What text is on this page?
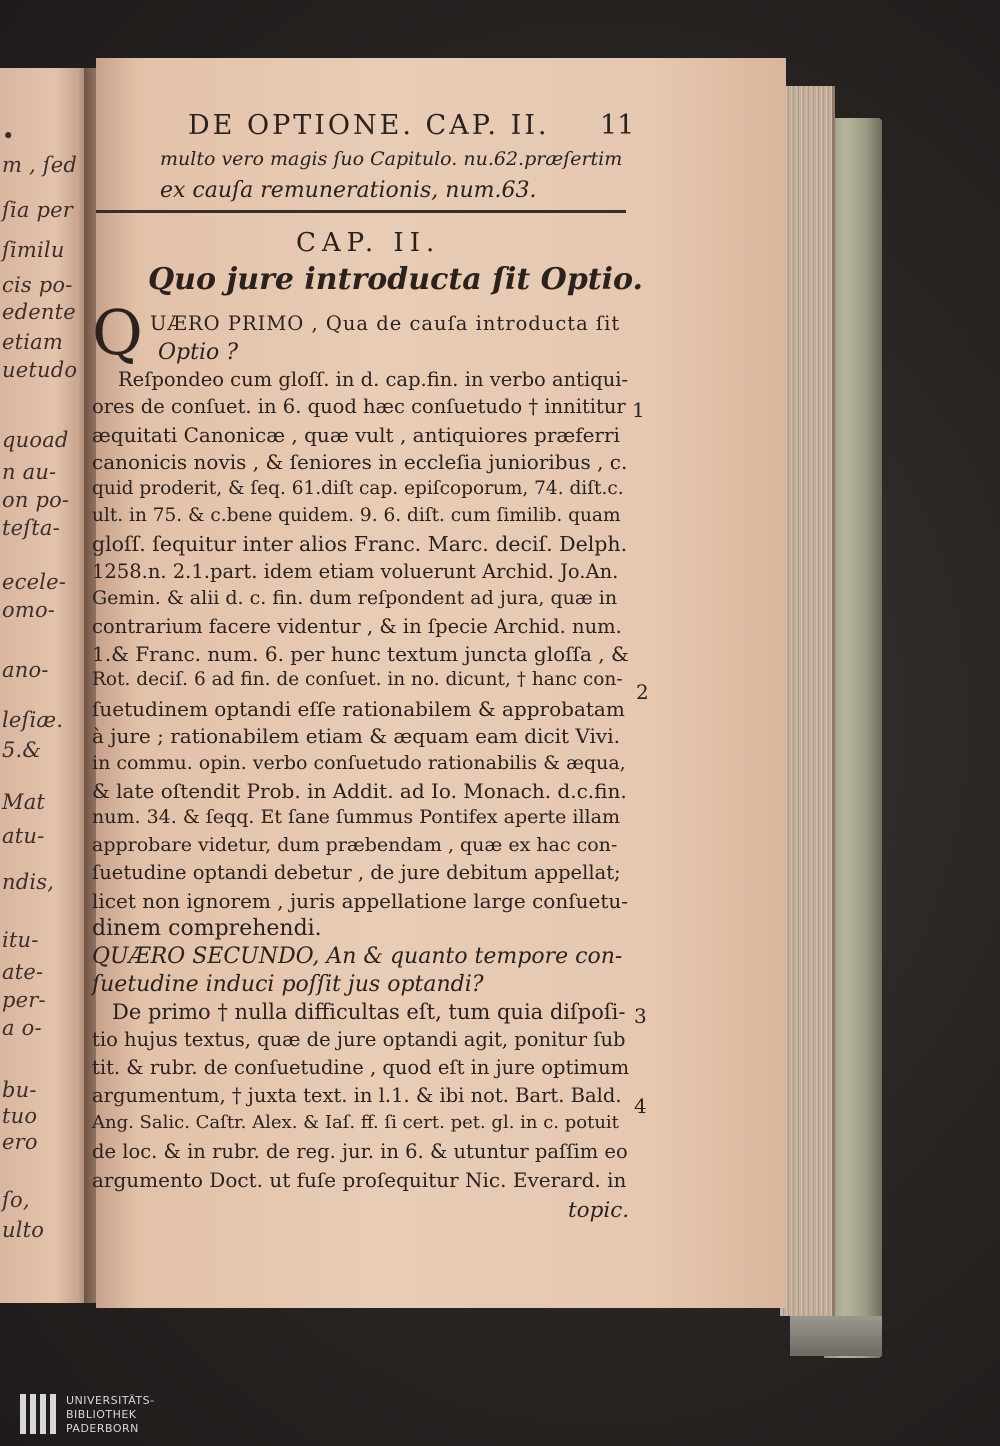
m , ſed
ſia per
ſimilu
cis po-
edente
etiam
uetudo
quoad
n au-
on po-
teſta-
ecele-
omo-
ano-
leſiæ.
5.&
Mat
atu-
ndis,
itu-
ate-
per-
a o-
bu-
tuo
ero
ſo,
ulto
•	DE OPTIONE. CAP. II. 11
multo vero magis ſuo Capitulo. nu.62.præſertim
ex cauſa remunerationis, num.63.
CAP. II.
Quo jure introducta ſit Optio.
Q UÆRO PRIMO , Qua de cauſa introducta ſit
Optio ?
Reſpondeo cum gloſſ. in d. cap.fin. in verbo antiqui-
ores de conſuet. in 6. quod hæc conſuetudo † innititur
æquitati Canonicæ , quæ vult , antiquiores præferri
canonicis novis , & ſeniores in eccleſia junioribus , c.
quid proderit, & ſeq. 61.diſt cap. epiſcoporum, 74. diſt.c.
ult. in 75. & c.bene quidem. 9. 6. diſt. cum ſimilib. quam
gloſſ. ſequitur inter alios Franc. Marc. deciſ. Delph.
1258.n. 2.1.part. idem etiam voluerunt Archid. Jo.An.
Gemin. & alii d. c. fin. dum reſpondent ad jura, quæ in
contrarium facere videntur , & in ſpecie Archid. num.
1.& Franc. num. 6. per hunc textum juncta gloſſa , &
Rot. deciſ. 6 ad fin. de conſuet. in no. dicunt, † hanc con-
ſuetudinem optandi eſſe rationabilem & approbatam
à jure ; rationabilem etiam & æquam eam dicit Vivi.
in commu. opin. verbo conſuetudo rationabilis & æqua,
& late oſtendit Prob. in Addit. ad Io. Monach. d.c.fin.
num. 34. & ſeqq. Et ſane ſummus Pontifex aperte illam
approbare videtur, dum præbendam , quæ ex hac con-
ſuetudine optandi debetur , de jure debitum appellat;
licet non ignorem , juris appellatione large conſuetu-
dinem comprehendi.
QUÆRO SECUNDO, An & quanto tempore con-
ſuetudine induci poſſit jus optandi?
De primo † nulla difficultas eſt, tum quia diſpoſi-
tio hujus textus, quæ de jure optandi agit, ponitur ſub
tit. & rubr. de conſuetudine , quod eſt in jure optimum
argumentum, † juxta text. in l.1. & ibi not. Bart. Bald.
Ang. Salic. Caſtr. Alex. & Iaſ. ff. ſi cert. pet. gl. in c. potuit
de loc. & in rubr. de reg. jur. in 6. & utuntur paſſim eo
argumento Doct. ut fuſe proſequitur Nic. Everard. in
topic.
1
2
3
4
UNIVERSITÄTS-
BIBLIOTHEK
PADERBORN
